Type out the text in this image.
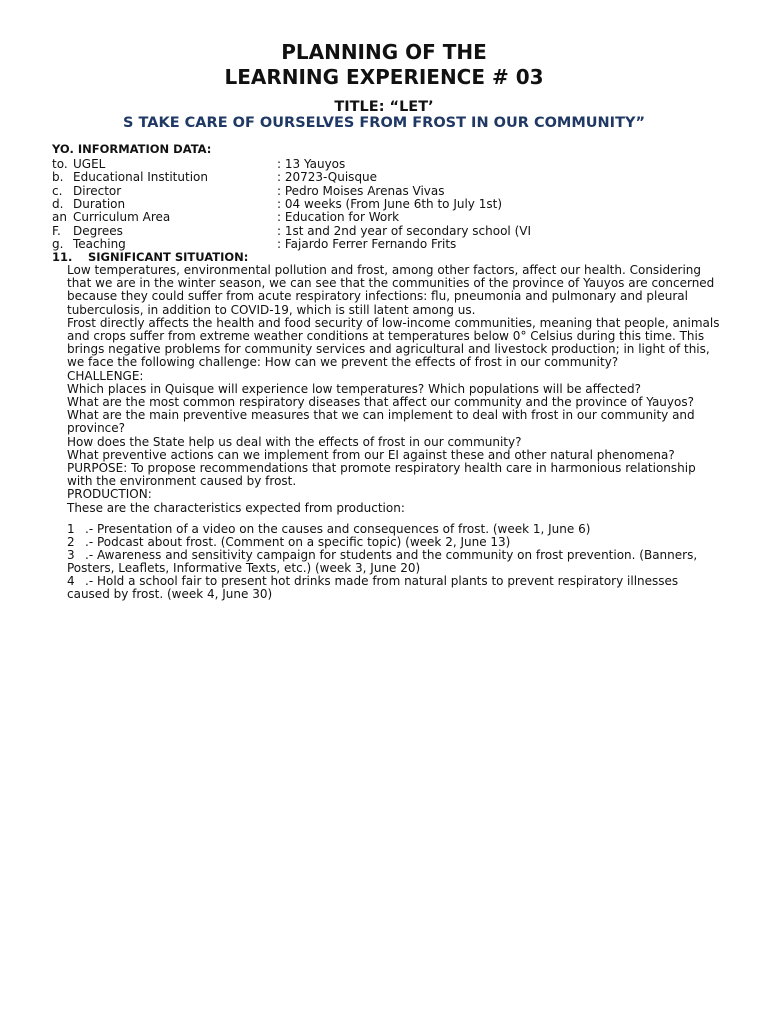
PLANNING OF THE
LEARNING EXPERIENCE # 03
TITLE: “LET’
S TAKE CARE OF OURSELVES FROM FROST IN OUR COMMUNITY”
YO. INFORMATION DATA:
to. UGEL	: 13 Yauyos
b. Educational Institution	: 20723-Quisque
c. Director	: Pedro Moises Arenas Vivas
d. Duration	: 04 weeks (From June 6th to July 1st)
an Curriculum Area	: Education for Work
F. Degrees	: 1st and 2nd year of secondary school (VI
g. Teaching	: Fajardo Ferrer Fernando Frits
11. SIGNIFICANT SITUATION:

Low temperatures, environmental pollution and frost, among other factors, affect our health. Considering that we are in the winter season, we can see that the communities of the province of Yauyos are concerned because they could suffer from acute respiratory infections: flu, pneumonia and pulmonary and pleural tuberculosis, in addition to COVID-19, which is still latent among us.

Frost directly affects the health and food security of low-income communities, meaning that people, animals and crops suffer from extreme weather conditions at temperatures below 0° Celsius during this time. This brings negative problems for community services and agricultural and livestock production; in light of this, we face the following challenge: How can we prevent the effects of frost in our community?

CHALLENGE:

Which places in Quisque will experience low temperatures? Which populations will be affected?

What are the most common respiratory diseases that affect our community and the province of Yauyos?

What are the main preventive measures that we can implement to deal with frost in our community and province?

How does the State help us deal with the effects of frost in our community?

What preventive actions can we implement from our EI against these and other natural phenomena? PURPOSE: To propose recommendations that promote respiratory health care in harmonious relationship with the environment caused by frost.

PRODUCTION:

These are the characteristics expected from production:

1 .- Presentation of a video on the causes and consequences of frost. (week 1, June 6)
2 .- Podcast about frost. (Comment on a specific topic) (week 2, June 13)
3 .- Awareness and sensitivity campaign for students and the community on frost prevention. (Banners, Posters, Leaflets, Informative Texts, etc.) (week 3, June 20)
4 .- Hold a school fair to present hot drinks made from natural plants to prevent respiratory illnesses caused by frost. (week 4, June 30)
